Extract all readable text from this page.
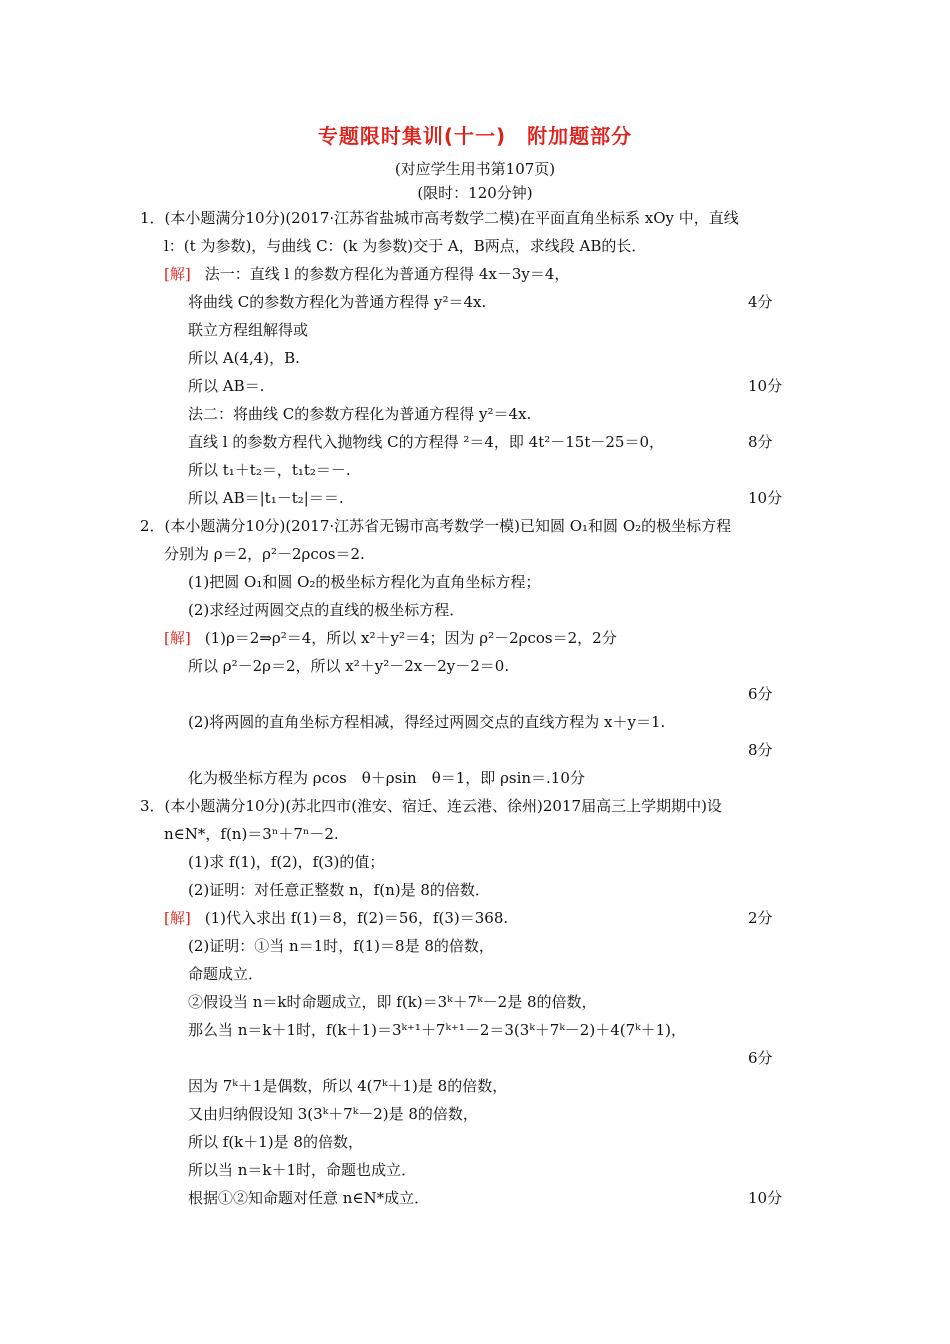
专题限时集训(十一)　附加题部分
(对应学生用书第107页)
(限时：120分钟)
1．(本小题满分10分)(2017·江苏省盐城市高考数学二模)在平面直角坐标系 xOy 中，直线
l：(t 为参数)，与曲线 C：(k 为参数)交于 A，B两点，求线段 AB的长．
[解] 法一：直线 l 的参数方程化为普通方程得 4x－3y＝4，
将曲线 C的参数方程化为普通方程得 y²＝4x.	4分
联立方程组解得或
所以 A(4,4)，B.
所以 AB＝.	10分
法二：将曲线 C的参数方程化为普通方程得 y²＝4x.
直线 l 的参数方程代入抛物线 C的方程得 ²＝4，即 4t²－15t－25＝0，	8分
所以 t₁＋t₂＝，t₁t₂＝－.
所以 AB＝|t₁－t₂|＝＝.	10分
2．(本小题满分10分)(2017·江苏省无锡市高考数学一模)已知圆 O₁和圆 O₂的极坐标方程
分别为 ρ＝2，ρ²－2ρcos＝2.
(1)把圆 O₁和圆 O₂的极坐标方程化为直角坐标方程；
(2)求经过两圆交点的直线的极坐标方程．
[解] (1)ρ＝2⇒ρ²＝4，所以 x²＋y²＝4；因为 ρ²－2ρcos＝2，2分
所以 ρ²－2ρ＝2，所以 x²＋y²－2x－2y－2＝0.
6分
(2)将两圆的直角坐标方程相减，得经过两圆交点的直线方程为 x＋y＝1.
8分
化为极坐标方程为 ρcos　θ＋ρsin　θ＝1，即 ρsin＝.10分
3．(本小题满分10分)(苏北四市(淮安、宿迁、连云港、徐州)2017届高三上学期期中)设
n∈N*，f(n)＝3ⁿ＋7ⁿ－2.
(1)求 f(1)，f(2)，f(3)的值；
(2)证明：对任意正整数 n，f(n)是 8的倍数．
[解] (1)代入求出 f(1)＝8，f(2)＝56，f(3)＝368.	2分
(2)证明：①当 n＝1时，f(1)＝8是 8的倍数，
命题成立．
②假设当 n＝k时命题成立，即 f(k)＝3ᵏ＋7ᵏ－2是 8的倍数，
那么当 n＝k＋1时，f(k＋1)＝3ᵏ⁺¹＋7ᵏ⁺¹－2＝3(3ᵏ＋7ᵏ－2)＋4(7ᵏ＋1)，
6分
因为 7ᵏ＋1是偶数，所以 4(7ᵏ＋1)是 8的倍数，
又由归纳假设知 3(3ᵏ＋7ᵏ－2)是 8的倍数，
所以 f(k＋1)是 8的倍数，
所以当 n＝k＋1时，命题也成立．
根据①②知命题对任意 n∈N*成立．	10分
